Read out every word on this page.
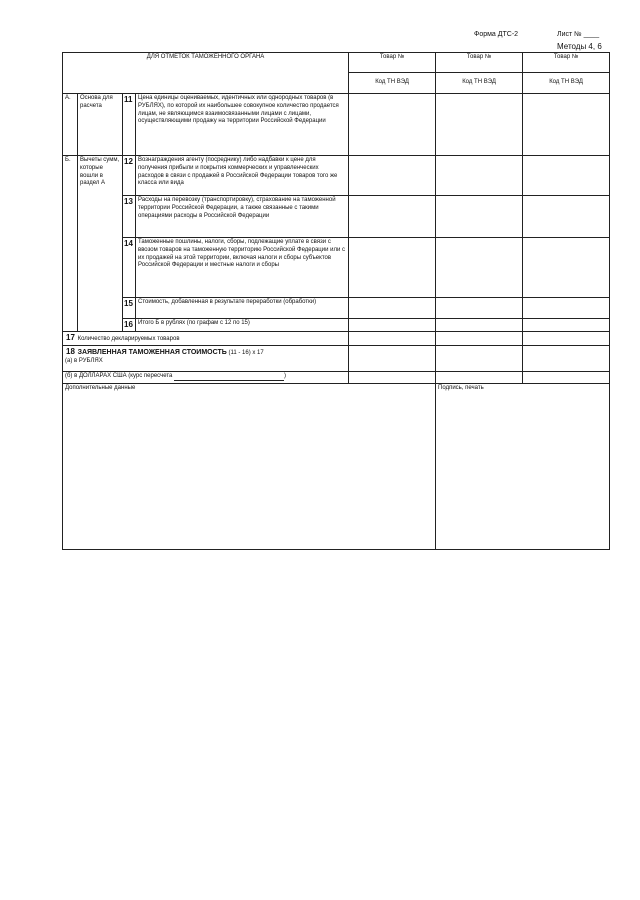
Форма ДТС-2	Лист № ____
Методы 4, 6
ДЛЯ ОТМЕТОК ТАМОЖЕННОГО ОРГАНА				Товар №	Товар №	Товар №
				Код ТН ВЭД	Код ТН ВЭД	Код ТН ВЭД
А.	Основа для расчета	11	Цена единицы оцениваемых, идентичных или однородных товаров (в РУБЛЯХ), по которой их наибольшее совокупное количество продается лицам, не являющимся взаимосвязанными лицами с лицами, осуществляющими продажу на территории Российской Федерации			
Б.	Вычеты сумм, которые вошли в раздел А	12	Вознаграждения агенту (посреднику) либо надбавки к цене для получения прибыли и покрытия коммерческих и управленческих расходов в связи с продажей в Российской Федерации товаров того же класса или вида			
		13	Расходы на перевозку (транспортировку), страхование на таможенной территории Российской Федерации, а также связанные с такими операциями расходы в Российской Федерации			
		14	Таможенные пошлины, налоги, сборы, подлежащие уплате в связи с ввозом товаров на таможенную территорию Российской Федерации или с их продажей на этой территории, включая налоги и сборы субъектов Российской Федерации и местные налоги и сборы			
		15	Стоимость, добавленная в результате переработки (обработки)			
		16	Итого Б в рублях (по графам с 12 по 15)			
17 Количество декларируемых товаров						
18 ЗАЯВЛЕННАЯ ТАМОЖЕННАЯ СТОИМОСТЬ (11 - 16) x 17
(а) в РУБЛЯХ						
(б) в ДОЛЛАРАХ США (курс пересчета )						
Дополнительные данные					Подпись, печать	
